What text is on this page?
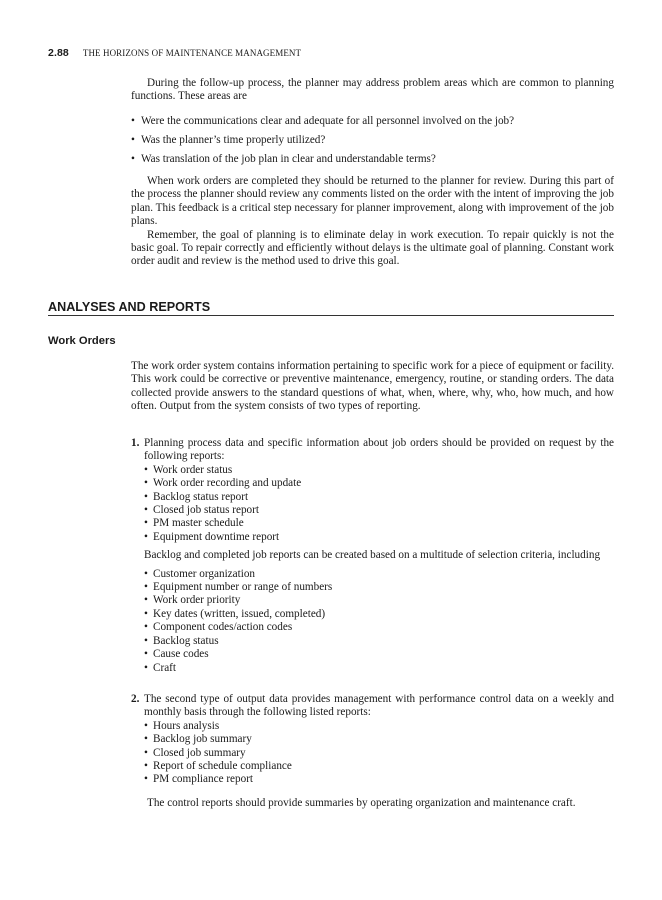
2.88 THE HORIZONS OF MAINTENANCE MANAGEMENT

During the follow-up process, the planner may address problem areas which are common to planning functions. These areas are

• Were the communications clear and adequate for all personnel involved on the job?
• Was the planner’s time properly utilized?
• Was translation of the job plan in clear and understandable terms?

When work orders are completed they should be returned to the planner for review. During this part of the process the planner should review any comments listed on the order with the intent of improving the job plan. This feedback is a critical step necessary for planner improvement, along with improvement of the job plans.

Remember, the goal of planning is to eliminate delay in work execution. To repair quickly is not the basic goal. To repair correctly and efficiently without delays is the ultimate goal of planning. Constant work order audit and review is the method used to drive this goal.

ANALYSES AND REPORTS
Work Orders

The work order system contains information pertaining to specific work for a piece of equipment or facility. This work could be corrective or preventive maintenance, emergency, routine, or standing orders. The data collected provide answers to the standard questions of what, when, where, why, who, how much, and how often. Output from the system consists of two types of reporting.

1. Planning process data and specific information about job orders should be provided on request by the following reports:

• Work order status
• Work order recording and update
• Backlog status report
• Closed job status report
• PM master schedule
• Equipment downtime report

Backlog and completed job reports can be created based on a multitude of selection criteria, including

• Customer organization
• Equipment number or range of numbers
• Work order priority
• Key dates (written, issued, completed)
• Component codes/action codes
• Backlog status
• Cause codes
• Craft
2. The second type of output data provides management with performance control data on a weekly and monthly basis through the following listed reports:

• Hours analysis
• Backlog job summary
• Closed job summary
• Report of schedule compliance
• PM compliance report

The control reports should provide summaries by operating organization and maintenance craft.
